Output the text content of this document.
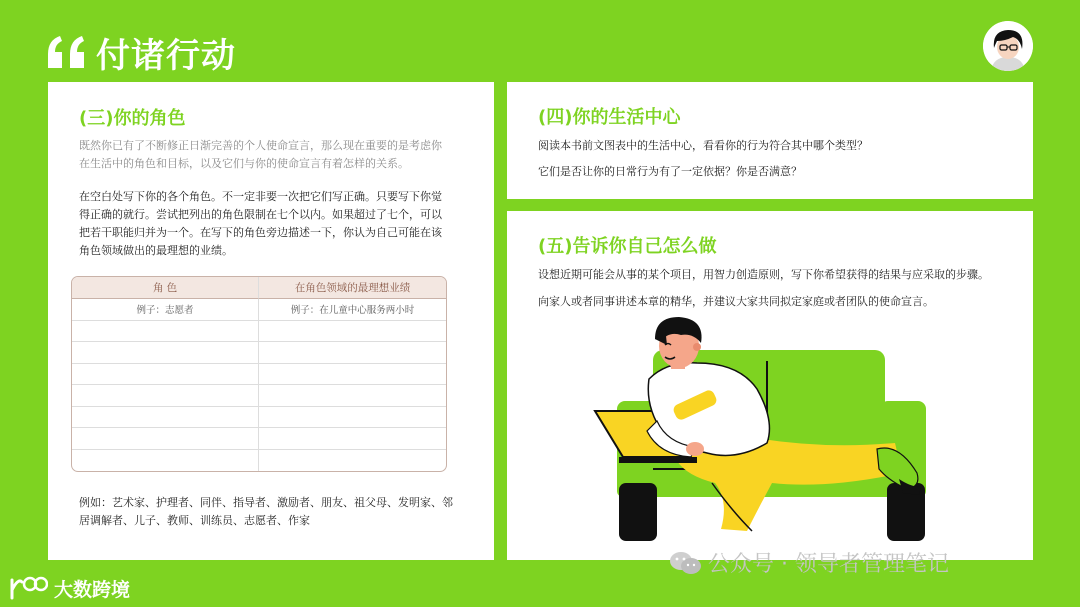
付诸行动
(三)你的角色

既然你已有了不断修正日渐完善的个人使命宣言，那么现在重要的是考虑你在生活中的角色和目标，以及它们与你的使命宣言有着怎样的关系。

在空白处写下你的各个角色。不一定非要一次把它们写正确。只要写下你觉得正确的就行。尝试把列出的角色限制在七个以内。如果超过了七个，可以把若干职能归并为一个。在写下的角色旁边描述一下，你认为自己可能在该角色领域做出的最理想的业绩。

角 色	在角色领域的最理想业绩
例子：志愿者	例子：在儿童中心服务两小时

例如：艺术家、护理者、同伴、指导者、激励者、朋友、祖父母、发明家、邻居调解者、儿子、教师、训练员、志愿者、作家

(四)你的生活中心

阅读本书前文图表中的生活中心，看看你的行为符合其中哪个类型？

它们是否让你的日常行为有了一定依据？你是否满意？

(五)告诉你自己怎么做

设想近期可能会从事的某个项目，用智力创造原则，写下你希望获得的结果与应采取的步骤。

向家人或者同事讲述本章的精华，并建议大家共同拟定家庭或者团队的使命宣言。

公众号 · 领导者管理笔记
大数跨境
